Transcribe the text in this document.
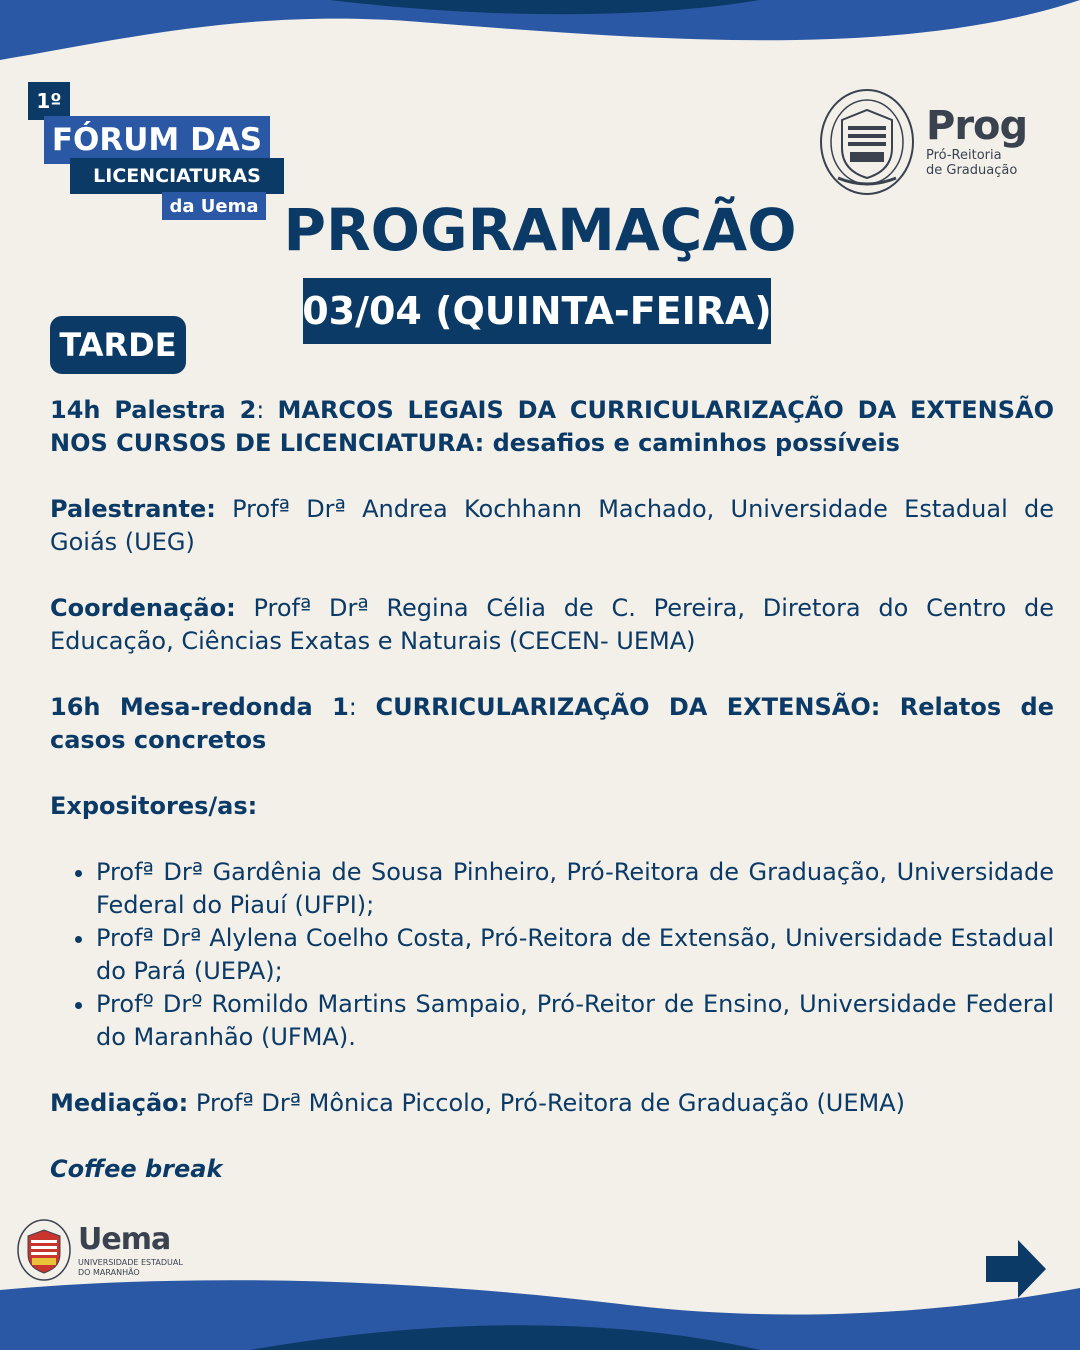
1º
FÓRUM DAS
LICENCIATURAS
da Uema
Prog
Pró-Reitoria
de Graduação
PROGRAMAÇÃO
03/04 (QUINTA-FEIRA)
TARDE

14h Palestra 2: MARCOS LEGAIS DA CURRICULARIZAÇÃO DA EXTENSÃO NOS CURSOS DE LICENCIATURA: desafios e caminhos possíveis

Palestrante: Profª Drª Andrea Kochhann Machado, Universidade Estadual de Goiás (UEG)

Coordenação: Profª Drª Regina Célia de C. Pereira, Diretora do Centro de Educação, Ciências Exatas e Naturais (CECEN- UEMA)

16h Mesa-redonda 1: CURRICULARIZAÇÃO DA EXTENSÃO: Relatos de casos concretos

Expositores/as:

• Profª Drª Gardênia de Sousa Pinheiro, Pró-Reitora de Graduação, Universidade Federal do Piauí (UFPI);
• Profª Drª Alylena Coelho Costa, Pró-Reitora de Extensão, Universidade Estadual do Pará (UEPA);
• Profº Drº Romildo Martins Sampaio, Pró-Reitor de Ensino, Universidade Federal do Maranhão (UFMA).

Mediação: Profª Drª Mônica Piccolo, Pró-Reitora de Graduação (UEMA)

Coffee break

Uema
UNIVERSIDADE ESTADUAL
DO MARANHÃO
